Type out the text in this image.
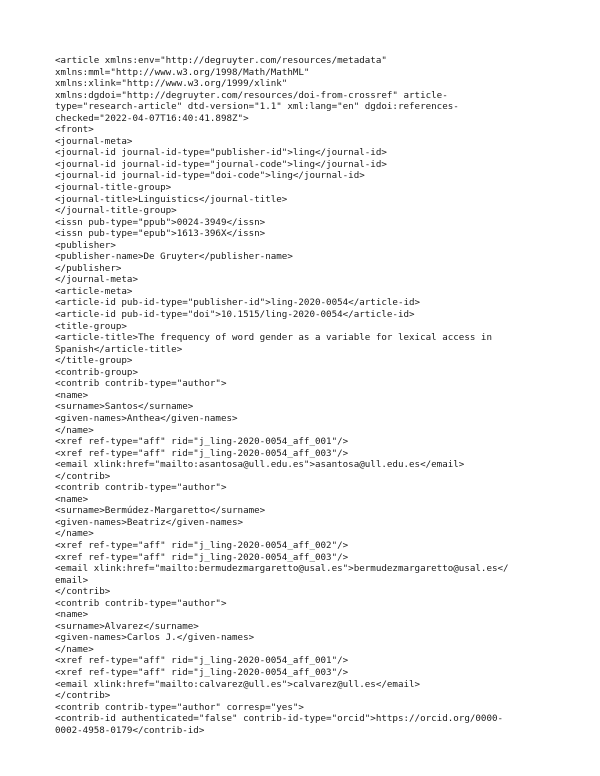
<article xmlns:env="http://degruyter.com/resources/metadata"
xmlns:mml="http://www.w3.org/1998/Math/MathML"
xmlns:xlink="http://www.w3.org/1999/xlink"
xmlns:dgdoi="http://degruyter.com/resources/doi-from-crossref" article-
type="research-article" dtd-version="1.1" xml:lang="en" dgdoi:references-
checked="2022-04-07T16:40:41.898Z">
<front>
<journal-meta>
<journal-id journal-id-type="publisher-id">ling</journal-id>
<journal-id journal-id-type="journal-code">ling</journal-id>
<journal-id journal-id-type="doi-code">ling</journal-id>
<journal-title-group>
<journal-title>Linguistics</journal-title>
</journal-title-group>
<issn pub-type="ppub">0024-3949</issn>
<issn pub-type="epub">1613-396X</issn>
<publisher>
<publisher-name>De Gruyter</publisher-name>
</publisher>
</journal-meta>
<article-meta>
<article-id pub-id-type="publisher-id">ling-2020-0054</article-id>
<article-id pub-id-type="doi">10.1515/ling-2020-0054</article-id>
<title-group>
<article-title>The frequency of word gender as a variable for lexical access in
Spanish</article-title>
</title-group>
<contrib-group>
<contrib contrib-type="author">
<name>
<surname>Santos</surname>
<given-names>Anthea</given-names>
</name>
<xref ref-type="aff" rid="j_ling-2020-0054_aff_001"/>
<xref ref-type="aff" rid="j_ling-2020-0054_aff_003"/>
<email xlink:href="mailto:asantosa@ull.edu.es">asantosa@ull.edu.es</email>
</contrib>
<contrib contrib-type="author">
<name>
<surname>Bermúdez-Margaretto</surname>
<given-names>Beatriz</given-names>
</name>
<xref ref-type="aff" rid="j_ling-2020-0054_aff_002"/>
<xref ref-type="aff" rid="j_ling-2020-0054_aff_003"/>
<email xlink:href="mailto:bermudezmargaretto@usal.es">bermudezmargaretto@usal.es</
email>
</contrib>
<contrib contrib-type="author">
<name>
<surname>Alvarez</surname>
<given-names>Carlos J.</given-names>
</name>
<xref ref-type="aff" rid="j_ling-2020-0054_aff_001"/>
<xref ref-type="aff" rid="j_ling-2020-0054_aff_003"/>
<email xlink:href="mailto:calvarez@ull.es">calvarez@ull.es</email>
</contrib>
<contrib contrib-type="author" corresp="yes">
<contrib-id authenticated="false" contrib-id-type="orcid">https://orcid.org/0000-
0002-4958-0179</contrib-id>
